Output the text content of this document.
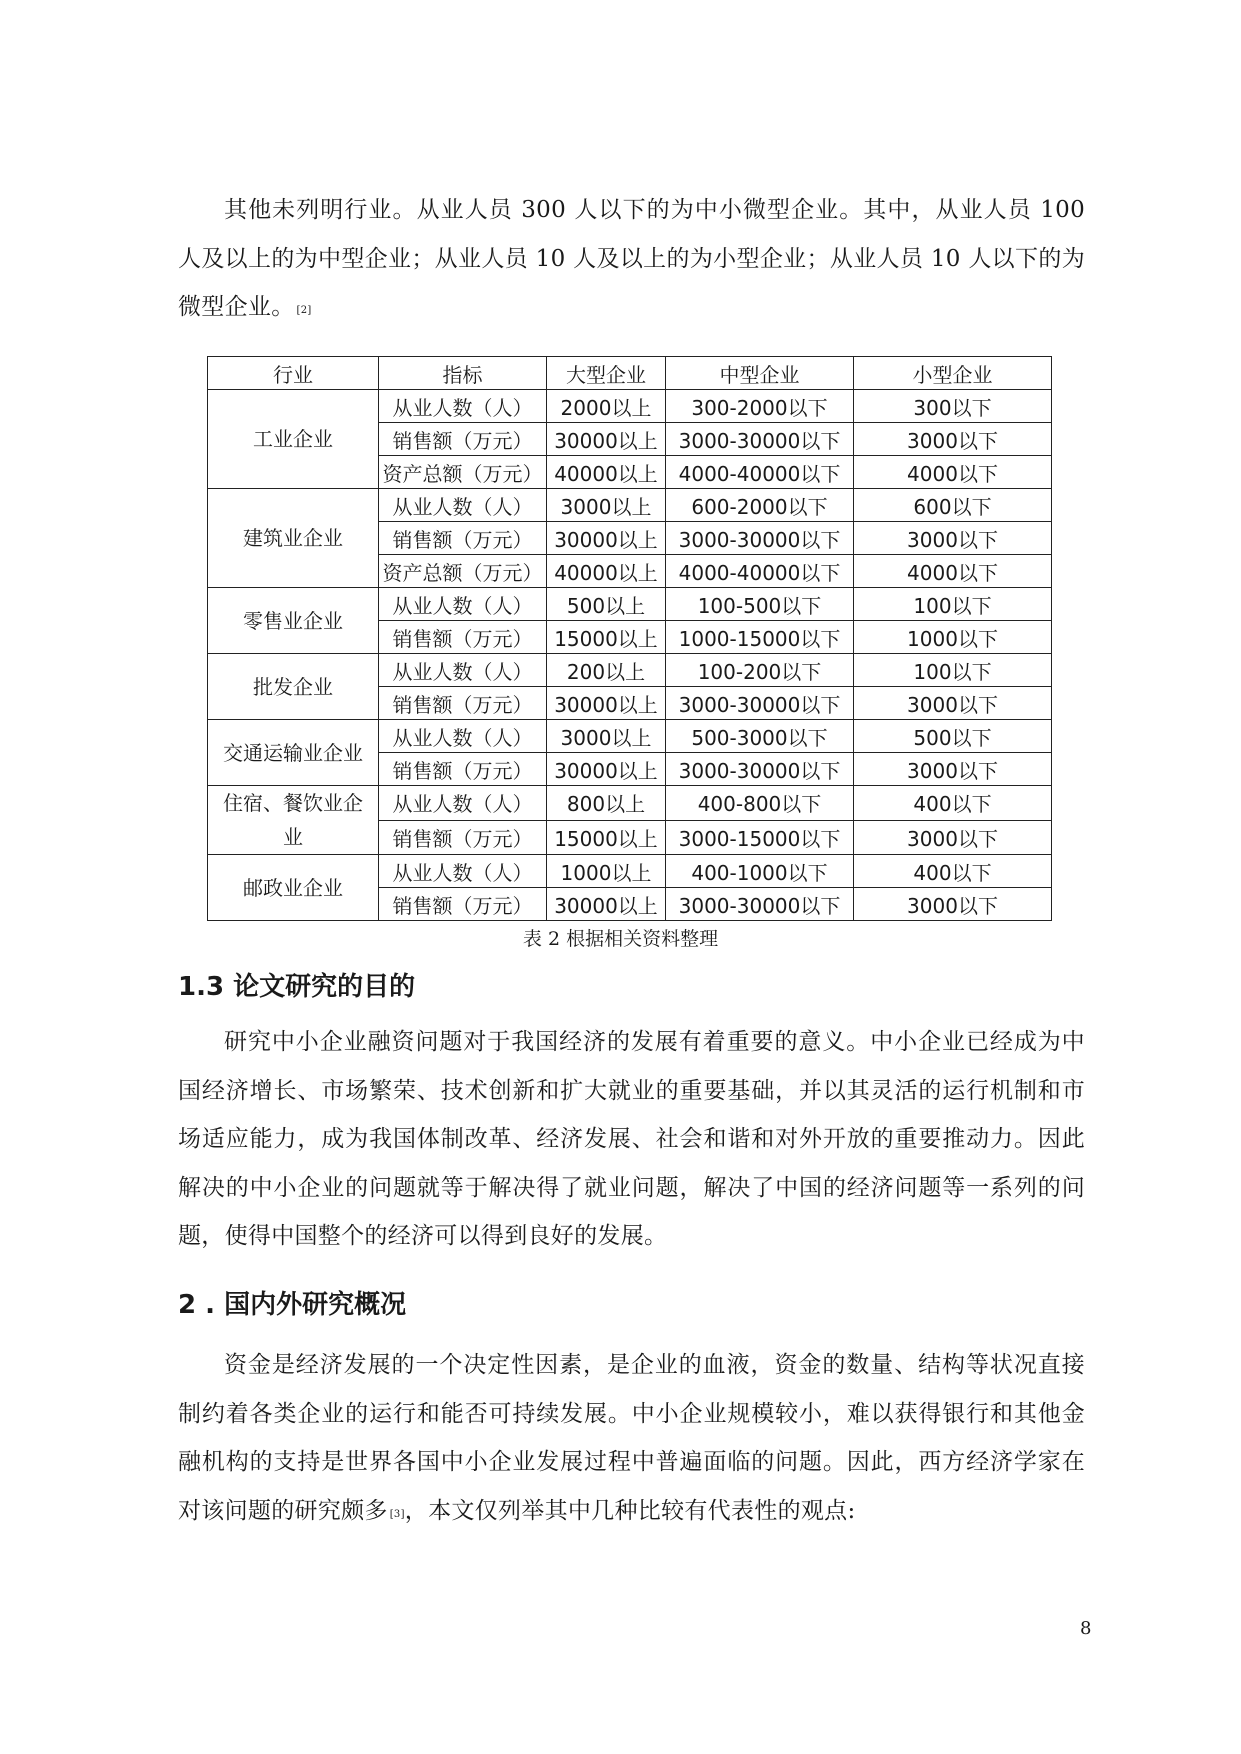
其他未列明行业。从业人员 300 人以下的为中小微型企业。其中，从业人员 100 人及以上的为中型企业；从业人员 10 人及以上的为小型企业；从业人员 10 人以下的为微型企业。 [2]
行业	指标	大型企业	中型企业	小型企业
工业企业	从业人数（人）	2000以上	300-2000以下	300以下
	销售额（万元）	30000以上	3000-30000以下	3000以下
	资产总额（万元）	40000以上	4000-40000以下	4000以下
建筑业企业	从业人数（人）	3000以上	600-2000以下	600以下
	销售额（万元）	30000以上	3000-30000以下	3000以下
	资产总额（万元）	40000以上	4000-40000以下	4000以下
零售业企业	从业人数（人）	500以上	100-500以下	100以下
	销售额（万元）	15000以上	1000-15000以下	1000以下
批发企业	从业人数（人）	200以上	100-200以下	100以下
	销售额（万元）	30000以上	3000-30000以下	3000以下
交通运输业企业	从业人数（人）	3000以上	500-3000以下	500以下
	销售额（万元）	30000以上	3000-30000以下	3000以下
住宿、餐饮业企业	从业人数（人）	800以上	400-800以下	400以下
	销售额（万元）	15000以上	3000-15000以下	3000以下
邮政业企业	从业人数（人）	1000以上	400-1000以下	400以下
	销售额（万元）	30000以上	3000-30000以下	3000以下
表 2 根据相关资料整理
1.3 论文研究的目的
研究中小企业融资问题对于我国经济的发展有着重要的意义。中小企业已经成为中国经济增长、市场繁荣、技术创新和扩大就业的重要基础，并以其灵活的运行机制和市场适应能力，成为我国体制改革、经济发展、社会和谐和对外开放的重要推动力。因此解决的中小企业的问题就等于解决得了就业问题，解决了中国的经济问题等一系列的问题，使得中国整个的经济可以得到良好的发展。
2 . 国内外研究概况
资金是经济发展的一个决定性因素，是企业的血液，资金的数量、结构等状况直接制约着各类企业的运行和能否可持续发展。中小企业规模较小，难以获得银行和其他金融机构的支持是世界各国中小企业发展过程中普遍面临的问题。因此，西方经济学家在对该问题的研究颇多 [3]，本文仅列举其中几种比较有代表性的观点:
8
